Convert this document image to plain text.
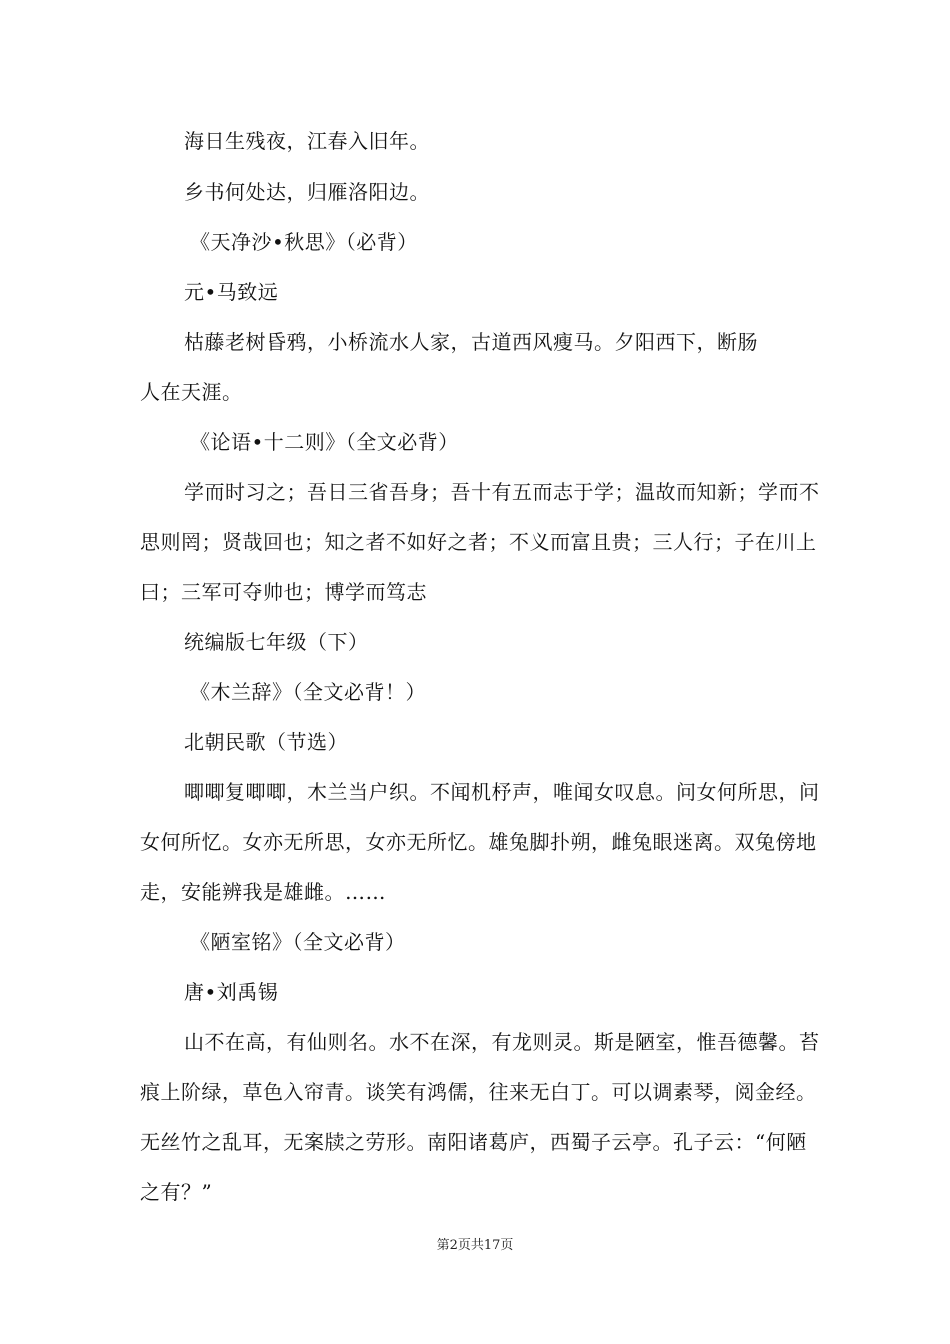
海日生残夜，江春入旧年。
乡书何处达，归雁洛阳边。
《天净沙•秋思》（必背）
元•马致远
枯藤老树昏鸦，小桥流水人家，古道西风瘦马。夕阳西下，断肠
人在天涯。
《论语•十二则》（全文必背）
学而时习之；吾日三省吾身；吾十有五而志于学；温故而知新；学而不
思则罔；贤哉回也；知之者不如好之者；不义而富且贵；三人行；子在川上
曰；三军可夺帅也；博学而笃志
统编版七年级（下）
《木兰辞》（全文必背！）
北朝民歌（节选）
唧唧复唧唧，木兰当户织。不闻机杼声，唯闻女叹息。问女何所思，问
女何所忆。女亦无所思，女亦无所忆。雄兔脚扑朔，雌兔眼迷离。双兔傍地
走，安能辨我是雄雌。……
《陋室铭》（全文必背）
唐•刘禹锡
山不在高，有仙则名。水不在深，有龙则灵。斯是陋室，惟吾德馨。苔
痕上阶绿，草色入帘青。谈笑有鸿儒，往来无白丁。可以调素琴，阅金经。
无丝竹之乱耳，无案牍之劳形。南阳诸葛庐，西蜀子云亭。孔子云：“何陋
之有？”
第2页共17页
